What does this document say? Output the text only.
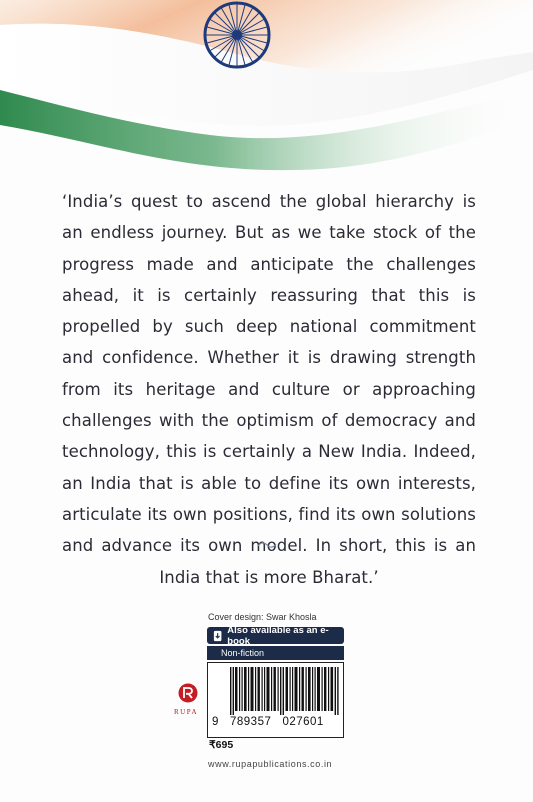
‘India’s quest to ascend the global hierarchy is
an endless journey. But as we take stock of the
progress made and anticipate the challenges
ahead, it is certainly reassuring that this is
propelled by such deep national commitment
and confidence. Whether it is drawing strength
from its heritage and culture or approaching
challenges with the optimism of democracy and
technology, this is certainly a New India. Indeed,
an India that is able to define its own interests,
articulate its own positions, find its own solutions
and advance its own model. In short, this is an
India that is more Bharat.’
Cover design: Swar Khosla
Also available as an e-book
Non-fiction
9   789357   027601
₹695
RUPA
www.rupapublications.co.in
